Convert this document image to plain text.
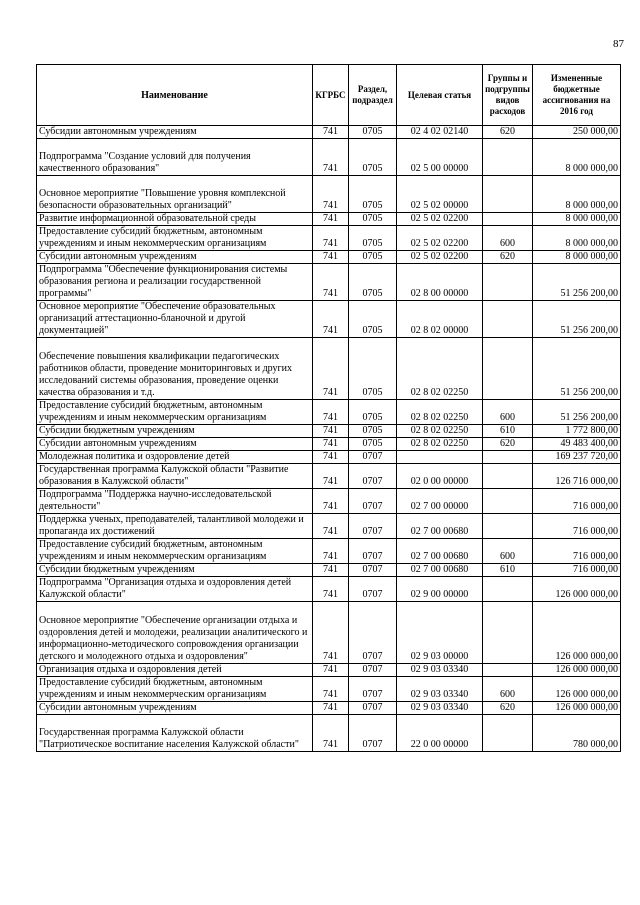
87
Наименование	КГРБС	Раздел, подраздел	Целевая статья	Группы и подгруппы видов расходов	Измененные бюджетные ассигнования на 2016 год
Субсидии автономным учреждениям	741	0705	02 4 02 02140	620	250 000,00
Подпрограмма "Создание условий для получения качественного образования"	741	0705	02 5 00 00000		8 000 000,00
Основное мероприятие "Повышение уровня комплексной безопасности образовательных организаций"	741	0705	02 5 02 00000		8 000 000,00
Развитие информационной образовательной среды	741	0705	02 5 02 02200		8 000 000,00
Предоставление субсидий бюджетным, автономным учреждениям и иным некоммерческим организациям	741	0705	02 5 02 02200	600	8 000 000,00
Субсидии автономным учреждениям	741	0705	02 5 02 02200	620	8 000 000,00
Подпрограмма "Обеспечение функционирования системы образования региона и реализации государственной программы"	741	0705	02 8 00 00000		51 256 200,00
Основное мероприятие "Обеспечение образовательных организаций аттестационно-бланочной и другой документацией"	741	0705	02 8 02 00000		51 256 200,00
Обеспечение повышения квалификации педагогических работников области, проведение мониторинговых и других исследований системы образования, проведение оценки качества образования и т.д.	741	0705	02 8 02 02250		51 256 200,00
Предоставление субсидий бюджетным, автономным учреждениям и иным некоммерческим организациям	741	0705	02 8 02 02250	600	51 256 200,00
Субсидии бюджетным учреждениям	741	0705	02 8 02 02250	610	1 772 800,00
Субсидии автономным учреждениям	741	0705	02 8 02 02250	620	49 483 400,00
Молодежная политика и оздоровление детей	741	0707			169 237 720,00
Государственная программа Калужской области "Развитие образования в Калужской области"	741	0707	02 0 00 00000		126 716 000,00
Подпрограмма "Поддержка научно-исследовательской деятельности"	741	0707	02 7 00 00000		716 000,00
Поддержка ученых, преподавателей, талантливой молодежи и пропаганда их достижений	741	0707	02 7 00 00680		716 000,00
Предоставление субсидий бюджетным, автономным учреждениям и иным некоммерческим организациям	741	0707	02 7 00 00680	600	716 000,00
Субсидии бюджетным учреждениям	741	0707	02 7 00 00680	610	716 000,00
Подпрограмма "Организация отдыха и оздоровления детей Калужской области"	741	0707	02 9 00 00000		126 000 000,00
Основное мероприятие "Обеспечение организации отдыха и оздоровления детей и молодежи, реализации аналитического и информационно-методического сопровождения организации детского и молодежного отдыха и оздоровления"	741	0707	02 9 03 00000		126 000 000,00
Организация отдыха и оздоровления детей	741	0707	02 9 03 03340		126 000 000,00
Предоставление субсидий бюджетным, автономным учреждениям и иным некоммерческим организациям	741	0707	02 9 03 03340	600	126 000 000,00
Субсидии автономным учреждениям	741	0707	02 9 03 03340	620	126 000 000,00
Государственная программа Калужской области "Патриотическое воспитание населения Калужской области"	741	0707	22 0 00 00000		780 000,00
